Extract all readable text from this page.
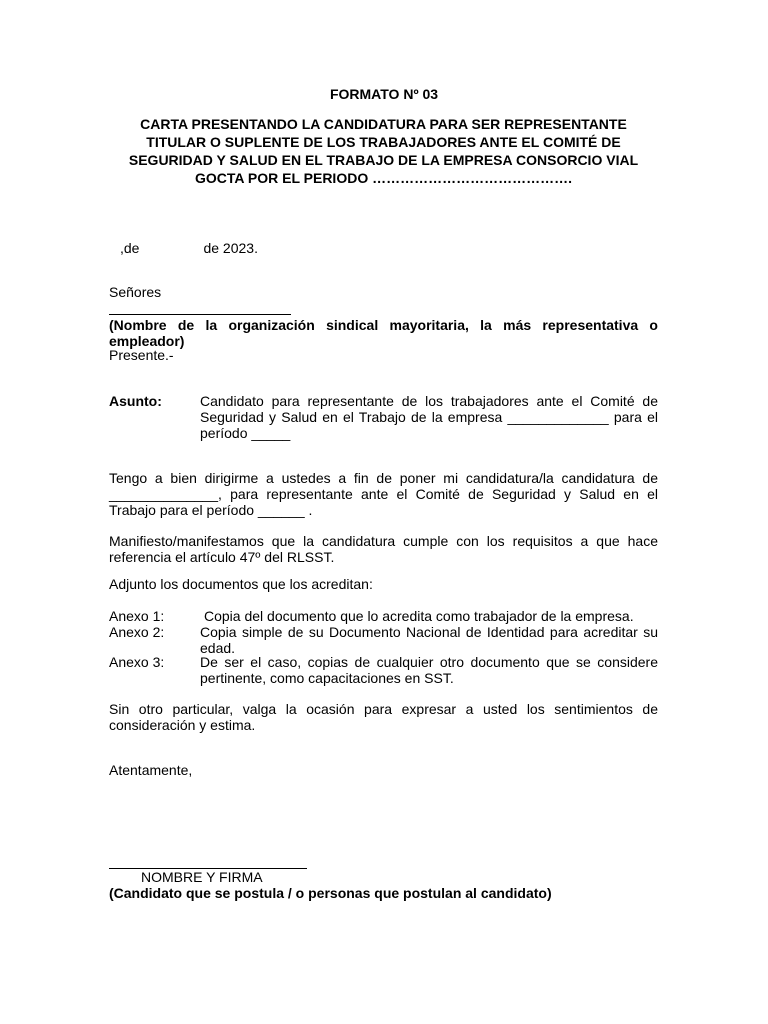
FORMATO Nº 03
CARTA PRESENTANDO LA CANDIDATURA PARA SER REPRESENTANTE TITULAR O SUPLENTE DE LOS TRABAJADORES ANTE EL COMITÉ DE SEGURIDAD Y SALUD EN EL TRABAJO DE LA EMPRESA CONSORCIO VIAL GOCTA POR EL PERIODO …………………………………….
,de	de 2023.

Señores

(Nombre de la organización sindical mayoritaria, la más representativa o empleador)

Presente.-

Asunto:	Candidato para representante de los trabajadores ante el Comité de Seguridad y Salud en el Trabajo de la empresa _____________ para el período _____

Tengo a bien dirigirme a ustedes a fin de poner mi candidatura/la candidatura de ______________, para representante ante el Comité de Seguridad y Salud en el Trabajo para el período ______ .

Manifiesto/manifestamos que la candidatura cumple con los requisitos a que hace referencia el artículo 47º del RLSST.

Adjunto los documentos que los acreditan:

Anexo 1:	Copia del documento que lo acredita como trabajador de la empresa.
Anexo 2:	Copia simple de su Documento Nacional de Identidad para acreditar su edad.
Anexo 3:	De ser el caso, copias de cualquier otro documento que se considere pertinente, como capacitaciones en SST.

Sin otro particular, valga la ocasión para expresar a usted los sentimientos de consideración y estima.

Atentamente,

NOMBRE Y FIRMA

(Candidato que se postula / o personas que postulan al candidato)
